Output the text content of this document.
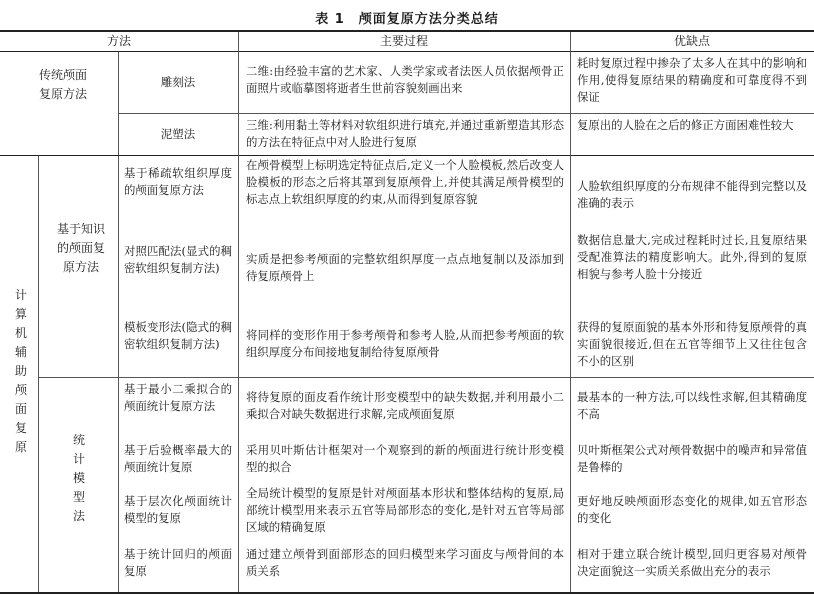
表 1　颅面复原方法分类总结
方法	主要过程	优缺点
传统颅面复原方法
雕刻法
二维:由经验丰富的艺术家、人类学家或者法医人员依据颅骨正面照片或临摹图将逝者生世前容貌刻画出来
耗时复原过程中掺杂了太多人在其中的影响和作用,使得复原结果的精确度和可靠度得不到保证
泥塑法
三维:利用黏土等材料对软组织进行填充,并通过重新塑造其形态的方法在特征点中对人脸进行复原
复原出的人脸在之后的修正方面困难性较大
计算机辅助颅面复原
基于知识的颅面复原方法
基于稀疏软组织厚度的颅面复原方法
在颅骨模型上标明选定特征点后,定义一个人脸模板,然后改变人脸模板的形态之后将其罩到复原颅骨上,并使其满足颅骨模型的标志点上软组织厚度的约束,从而得到复原容貌
人脸软组织厚度的分布规律不能得到完整以及准确的表示
对照匹配法(显式的稠密软组织复制方法)
实质是把参考颅面的完整软组织厚度一点点地复制以及添加到待复原颅骨上
数据信息量大,完成过程耗时过长,且复原结果受配准算法的精度影响大。此外,得到的复原相貌与参考人脸十分接近
模板变形法(隐式的稠密软组织复制方法)
将同样的变形作用于参考颅骨和参考人脸,从而把参考颅面的软组织厚度分布间接地复制给待复原颅骨
获得的复原面貌的基本外形和待复原颅骨的真实面貌很接近,但在五官等细节上又往往包含不小的区别
统计模型法
基于最小二乘拟合的颅面统计复原方法
将待复原的面皮看作统计形变模型中的缺失数据,并利用最小二乘拟合对缺失数据进行求解,完成颅面复原
最基本的一种方法,可以线性求解,但其精确度不高
基于后验概率最大的颅面统计复原
采用贝叶斯估计框架对一个观察到的新的颅面进行统计形变模型的拟合
贝叶斯框架公式对颅骨数据中的噪声和异常值是鲁棒的
基于层次化颅面统计模型的复原
全局统计模型的复原是针对颅面基本形状和整体结构的复原,局部统计模型用来表示五官等局部形态的变化,是针对五官等局部区域的精确复原
更好地反映颅面形态变化的规律,如五官形态的变化
基于统计回归的颅面复原
通过建立颅骨到面部形态的回归模型来学习面皮与颅骨间的本质关系
相对于建立联合统计模型,回归更容易对颅骨决定面貌这一实质关系做出充分的表示
